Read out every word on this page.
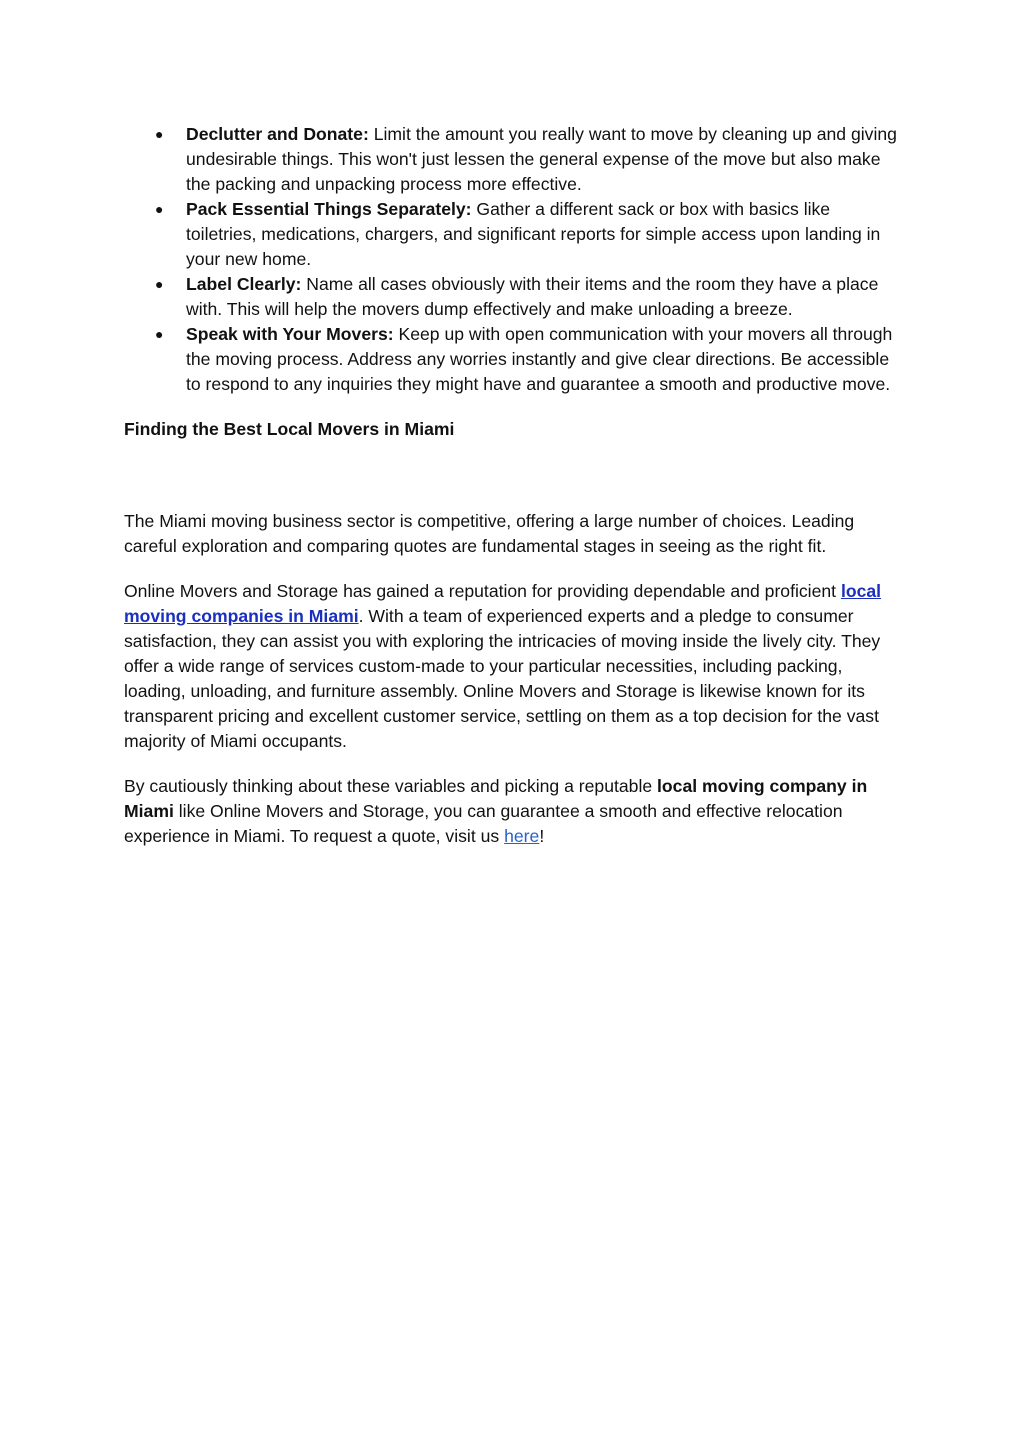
● Declutter and Donate: Limit the amount you really want to move by cleaning up and giving undesirable things. This won't just lessen the general expense of the move but also make the packing and unpacking process more effective.
● Pack Essential Things Separately: Gather a different sack or box with basics like toiletries, medications, chargers, and significant reports for simple access upon landing in your new home.
● Label Clearly: Name all cases obviously with their items and the room they have a place with. This will help the movers dump effectively and make unloading a breeze.
● Speak with Your Movers: Keep up with open communication with your movers all through the moving process. Address any worries instantly and give clear directions. Be accessible to respond to any inquiries they might have and guarantee a smooth and productive move.
Finding the Best Local Movers in Miami

The Miami moving business sector is competitive, offering a large number of choices. Leading careful exploration and comparing quotes are fundamental stages in seeing as the right fit.

Online Movers and Storage has gained a reputation for providing dependable and proficient local moving companies in Miami. With a team of experienced experts and a pledge to consumer satisfaction, they can assist you with exploring the intricacies of moving inside the lively city. They offer a wide range of services custom-made to your particular necessities, including packing, loading, unloading, and furniture assembly. Online Movers and Storage is likewise known for its transparent pricing and excellent customer service, settling on them as a top decision for the vast majority of Miami occupants.

By cautiously thinking about these variables and picking a reputable local moving company in Miami like Online Movers and Storage, you can guarantee a smooth and effective relocation experience in Miami. To request a quote, visit us here!
